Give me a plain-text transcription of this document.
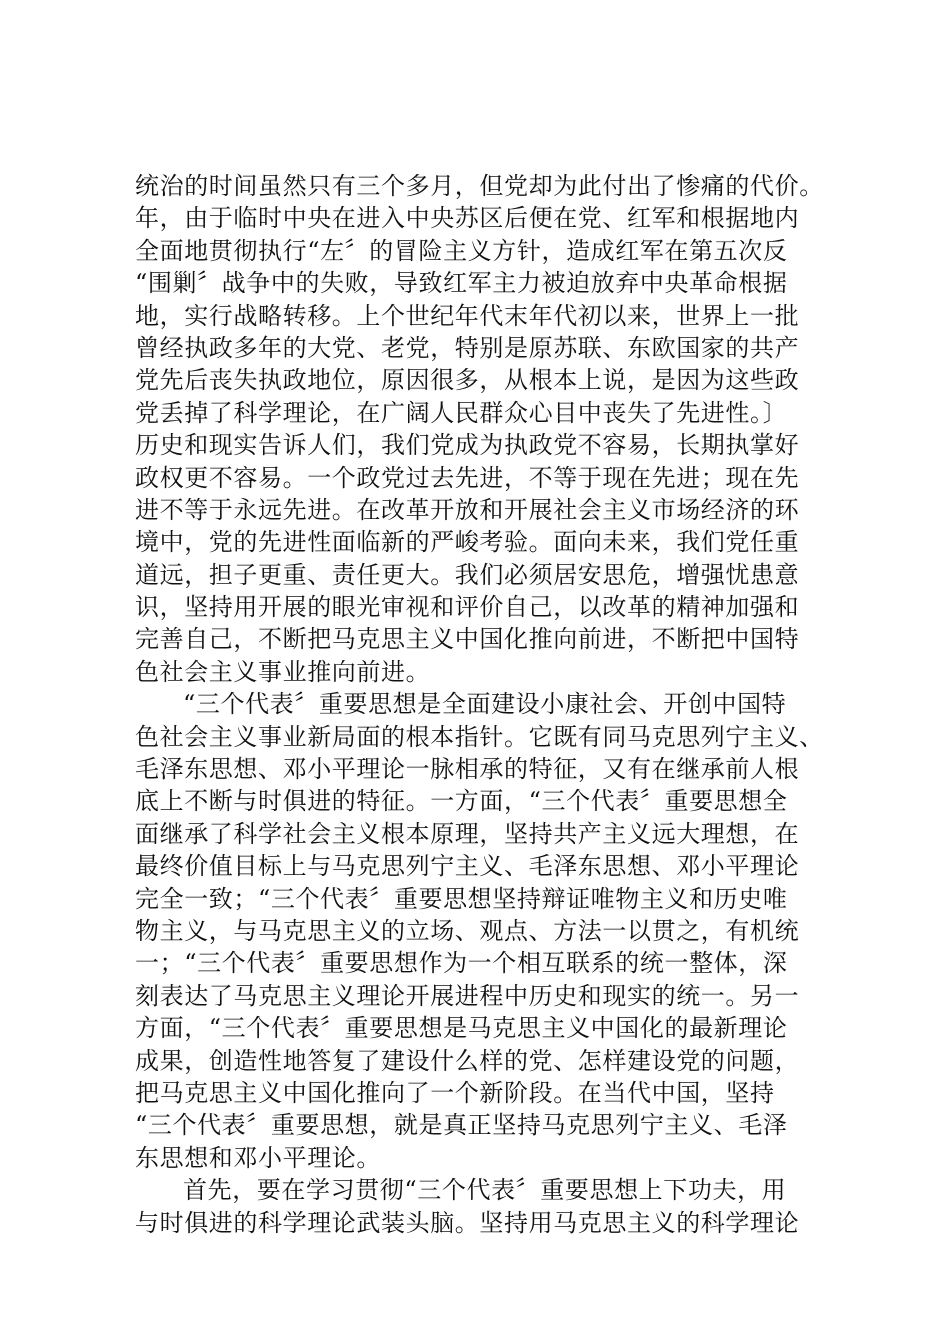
统治的时间虽然只有三个多月，但党却为此付出了惨痛的代价。
年，由于临时中央在进入中央苏区后便在党、红军和根据地内
全面地贯彻执行“左〞的冒险主义方针，造成红军在第五次反
“围剿〞战争中的失败，导致红军主力被迫放弃中央革命根据
地，实行战略转移。上个世纪年代末年代初以来，世界上一批
曾经执政多年的大党、老党，特别是原苏联、东欧国家的共产
党先后丧失执政地位，原因很多，从根本上说，是因为这些政
党丢掉了科学理论，在广阔人民群众心目中丧失了先进性。〕
历史和现实告诉人们，我们党成为执政党不容易，长期执掌好
政权更不容易。一个政党过去先进，不等于现在先进；现在先
进不等于永远先进。在改革开放和开展社会主义市场经济的环
境中，党的先进性面临新的严峻考验。面向未来，我们党任重
道远，担子更重、责任更大。我们必须居安思危，增强忧患意
识，坚持用开展的眼光审视和评价自己，以改革的精神加强和
完善自己，不断把马克思主义中国化推向前进，不断把中国特
色社会主义事业推向前进。
“三个代表〞重要思想是全面建设小康社会、开创中国特
色社会主义事业新局面的根本指针。它既有同马克思列宁主义、
毛泽东思想、邓小平理论一脉相承的特征，又有在继承前人根
底上不断与时俱进的特征。一方面，“三个代表〞重要思想全
面继承了科学社会主义根本原理，坚持共产主义远大理想，在
最终价值目标上与马克思列宁主义、毛泽东思想、邓小平理论
完全一致；“三个代表〞重要思想坚持辩证唯物主义和历史唯
物主义，与马克思主义的立场、观点、方法一以贯之，有机统
一；“三个代表〞重要思想作为一个相互联系的统一整体，深
刻表达了马克思主义理论开展进程中历史和现实的统一。另一
方面，“三个代表〞重要思想是马克思主义中国化的最新理论
成果，创造性地答复了建设什么样的党、怎样建设党的问题，
把马克思主义中国化推向了一个新阶段。在当代中国，坚持
“三个代表〞重要思想，就是真正坚持马克思列宁主义、毛泽
东思想和邓小平理论。
首先，要在学习贯彻“三个代表〞重要思想上下功夫，用
与时俱进的科学理论武装头脑。坚持用马克思主义的科学理论
